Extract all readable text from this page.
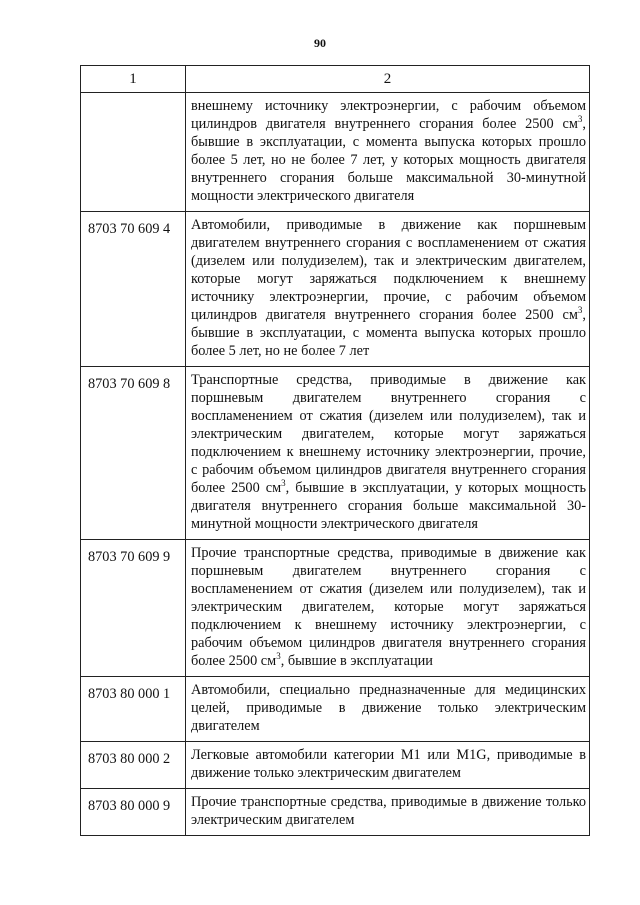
90
1	2
	внешнему источнику электроэнергии, с рабочим объемом цилиндров двигателя внутреннего сгорания более 2500 $см^3$, бывшие в эксплуатации, с момента выпуска которых прошло более 5 лет, но не более 7 лет, у которых мощность двигателя внутреннего сгорания больше максимальной 30-минутной мощности электрического двигателя
8703 70 609 4	Автомобили, приводимые в движение как поршневым двигателем внутреннего сгорания с воспламенением от сжатия (дизелем или полудизелем), так и электрическим двигателем, которые могут заряжаться подключением к внешнему источнику электроэнергии, прочие, с рабочим объемом цилиндров двигателя внутреннего сгорания более 2500 $см^3$, бывшие в эксплуатации, с момента выпуска которых прошло более 5 лет, но не более 7 лет
8703 70 609 8	Транспортные средства, приводимые в движение как поршневым двигателем внутреннего сгорания с воспламенением от сжатия (дизелем или полудизелем), так и электрическим двигателем, которые могут заряжаться подключением к внешнему источнику электроэнергии, прочие, с рабочим объемом цилиндров двигателя внутреннего сгорания более 2500 $см^3$, бывшие в эксплуатации, у которых мощность двигателя внутреннего сгорания больше максимальной 30-минутной мощности электрического двигателя
8703 70 609 9	Прочие транспортные средства, приводимые в движение как поршневым двигателем внутреннего сгорания с воспламенением от сжатия (дизелем или полудизелем), так и электрическим двигателем, которые могут заряжаться подключением к внешнему источнику электроэнергии, с рабочим объемом цилиндров двигателя внутреннего сгорания более 2500 $см^3$, бывшие в эксплуатации
8703 80 000 1	Автомобили, специально предназначенные для медицинских целей, приводимые в движение только электрическим двигателем
8703 80 000 2	Легковые автомобили категории М1 или М1G, приводимые в движение только электрическим двигателем
8703 80 000 9	Прочие транспортные средства, приводимые в движение только электрическим двигателем
